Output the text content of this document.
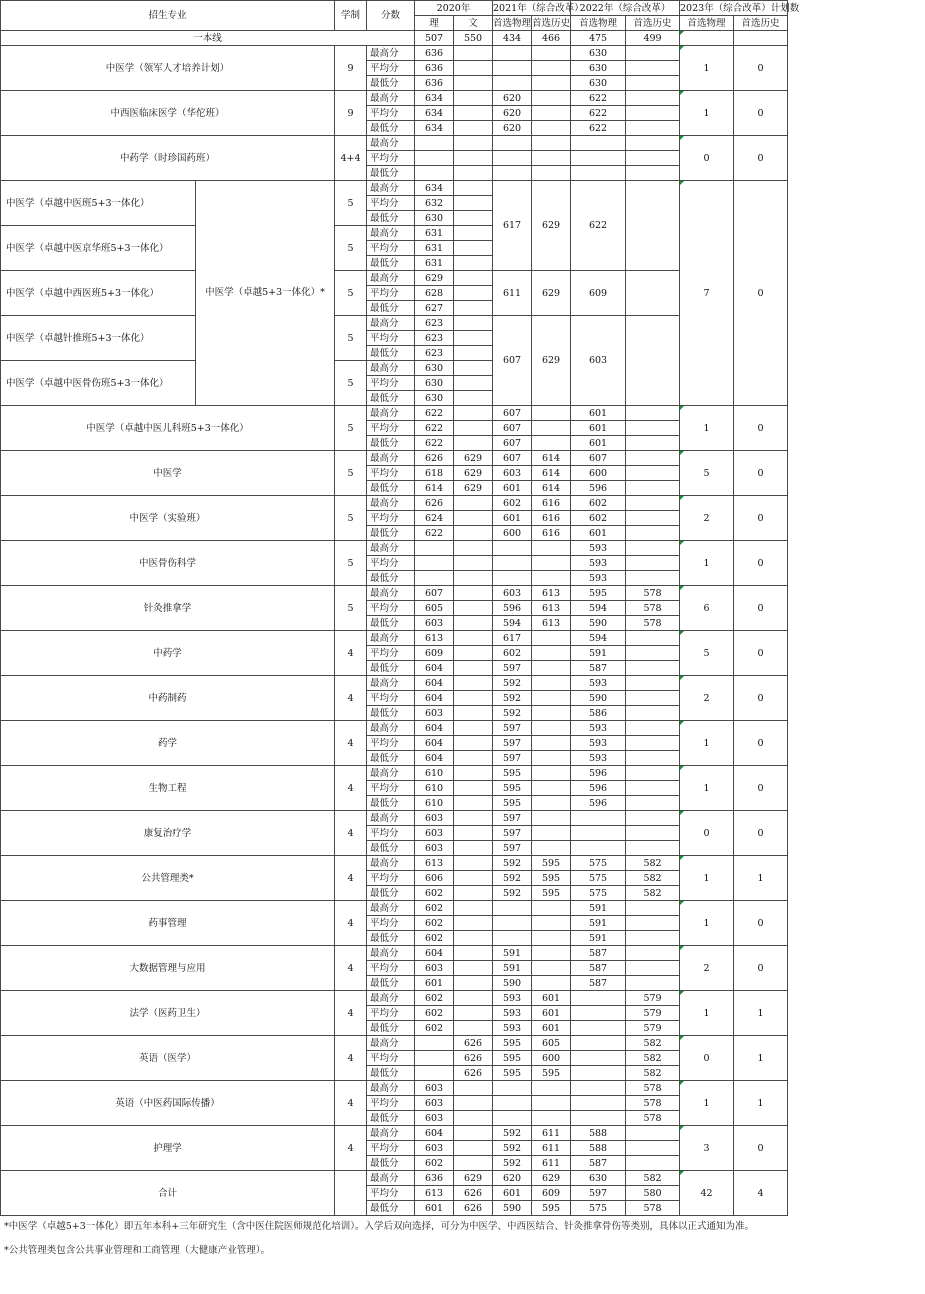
招生专业		学制	分数	2020年		2021年（综合改革）		2022年（综合改革）		2023年（综合改革）计划数	
				理	文	首选物理	首选历史	首选物理	首选历史	首选物理	首选历史
一本线				507	550	434	466	475	499		
中医学（领军人才培养计划）		9	最高分	636				630		1	0
			平均分	636				630			
			最低分	636				630			
中西医临床医学（华佗班）		9	最高分	634		620		622		1	0
			平均分	634		620		622			
			最低分	634		620		622			
中药学（时珍国药班）		4+4	最高分							0	0
			平均分								
			最低分								
中医学（卓越中医班5+3一体化）	中医学（卓越5+3一体化）*	5	最高分	634		617	629	622		7	0
			平均分	632							
			最低分	630							
中医学（卓越中医京华班5+3一体化）		5	最高分	631							
			平均分	631							
			最低分	631							
中医学（卓越中西医班5+3一体化）		5	最高分	629		611	629	609			
			平均分	628							
			最低分	627							
中医学（卓越针推班5+3一体化）		5	最高分	623		607	629	603			
			平均分	623							
			最低分	623							
中医学（卓越中医骨伤班5+3一体化）		5	最高分	630							
			平均分	630							
			最低分	630							
中医学（卓越中医儿科班5+3一体化）		5	最高分	622		607		601		1	0
			平均分	622		607		601			
			最低分	622		607		601			
中医学		5	最高分	626	629	607	614	607		5	0
			平均分	618	629	603	614	600			
			最低分	614	629	601	614	596			
中医学（实验班）		5	最高分	626		602	616	602		2	0
			平均分	624		601	616	602			
			最低分	622		600	616	601			
中医骨伤科学		5	最高分					593		1	0
			平均分					593			
			最低分					593			
针灸推拿学		5	最高分	607		603	613	595	578	6	0
			平均分	605		596	613	594	578		
			最低分	603		594	613	590	578		
中药学		4	最高分	613		617		594		5	0
			平均分	609		602		591			
			最低分	604		597		587			
中药制药		4	最高分	604		592		593		2	0
			平均分	604		592		590			
			最低分	603		592		586			
药学		4	最高分	604		597		593		1	0
			平均分	604		597		593			
			最低分	604		597		593			
生物工程		4	最高分	610		595		596		1	0
			平均分	610		595		596			
			最低分	610		595		596			
康复治疗学		4	最高分	603		597				0	0
			平均分	603		597					
			最低分	603		597					
公共管理类*		4	最高分	613		592	595	575	582	1	1
			平均分	606		592	595	575	582		
			最低分	602		592	595	575	582		
药事管理		4	最高分	602				591		1	0
			平均分	602				591			
			最低分	602				591			
大数据管理与应用		4	最高分	604		591		587		2	0
			平均分	603		591		587			
			最低分	601		590		587			
法学（医药卫生）		4	最高分	602		593	601		579	1	1
			平均分	602		593	601		579		
			最低分	602		593	601		579		
英语（医学）		4	最高分		626	595	605		582	0	1
			平均分		626	595	600		582		
			最低分		626	595	595		582		
英语（中医药国际传播）		4	最高分	603					578	1	1
			平均分	603					578		
			最低分	603					578		
护理学		4	最高分	604		592	611	588		3	0
			平均分	603		592	611	588			
			最低分	602		592	611	587			
合计			最高分	636	629	620	629	630	582	42	4
			平均分	613	626	601	609	597	580		
			最低分	601	626	590	595	575	578		
*中医学（卓越5+3一体化）即五年本科+三年研究生（含中医住院医师规范化培训）。入学后双向选择，可分为中医学、中西医结合、针灸推拿骨伤等类别，具体以正式通知为准。
*公共管理类包含公共事业管理和工商管理（大健康产业管理）。
